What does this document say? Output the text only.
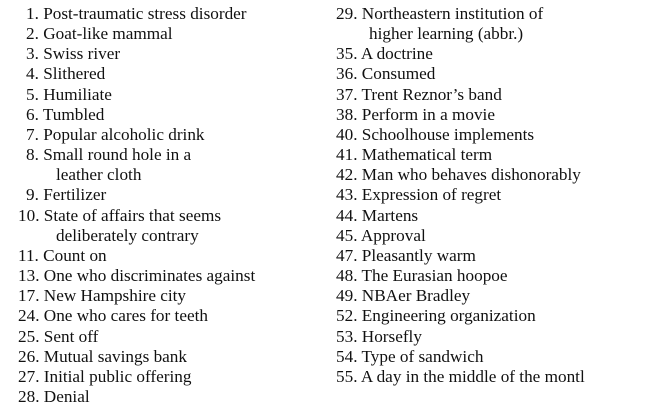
1. Post-traumatic stress disorder
2. Goat-like mammal
3. Swiss river
4. Slithered
5. Humiliate
6. Tumbled
7. Popular alcoholic drink
8. Small round hole in a
leather cloth
9. Fertilizer
10. State of affairs that seems
deliberately contrary
11. Count on
13. One who discriminates against
17. New Hampshire city
24. One who cares for teeth
25. Sent off
26. Mutual savings bank
27. Initial public offering
28. Denial
29. Northeastern institution of
higher learning (abbr.)
35. A doctrine
36. Consumed
37. Trent Reznor’s band
38. Perform in a movie
40. Schoolhouse implements
41. Mathematical term
42. Man who behaves dishonorably
43. Expression of regret
44. Martens
45. Approval
47. Pleasantly warm
48. The Eurasian hoopoe
49. NBAer Bradley
52. Engineering organization
53. Horsefly
54. Type of sandwich
55. A day in the middle of the montl
